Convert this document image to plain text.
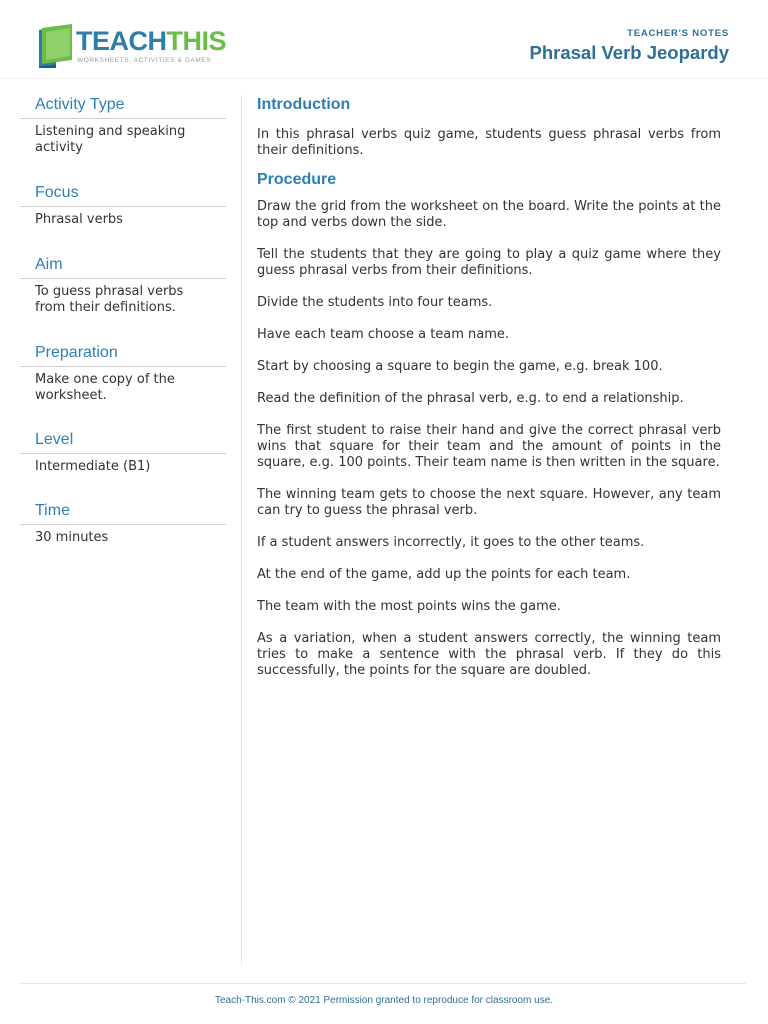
TEACHTHIS
WORKSHEETS, ACTIVITIES & GAMES
TEACHER'S NOTES
Phrasal Verb Jeopardy
Activity Type
Listening and speaking activity
Focus
Phrasal verbs
Aim
To guess phrasal verbs from their definitions.
Preparation
Make one copy of the worksheet.
Level
Intermediate (B1)
Time
30 minutes
Introduction

In this phrasal verbs quiz game, students guess phrasal verbs from their definitions.

Procedure

Draw the grid from the worksheet on the board. Write the points at the top and verbs down the side.

Tell the students that they are going to play a quiz game where they guess phrasal verbs from their definitions.

Divide the students into four teams.

Have each team choose a team name.

Start by choosing a square to begin the game, e.g. break 100.

Read the definition of the phrasal verb, e.g. to end a relationship.

The first student to raise their hand and give the correct phrasal verb wins that square for their team and the amount of points in the square, e.g. 100 points. Their team name is then written in the square.

The winning team gets to choose the next square. However, any team can try to guess the phrasal verb.

If a student answers incorrectly, it goes to the other teams.

At the end of the game, add up the points for each team.

The team with the most points wins the game.

As a variation, when a student answers correctly, the winning team tries to make a sentence with the phrasal verb. If they do this successfully, the points for the square are doubled.

Teach-This.com © 2021 Permission granted to reproduce for classroom use.
